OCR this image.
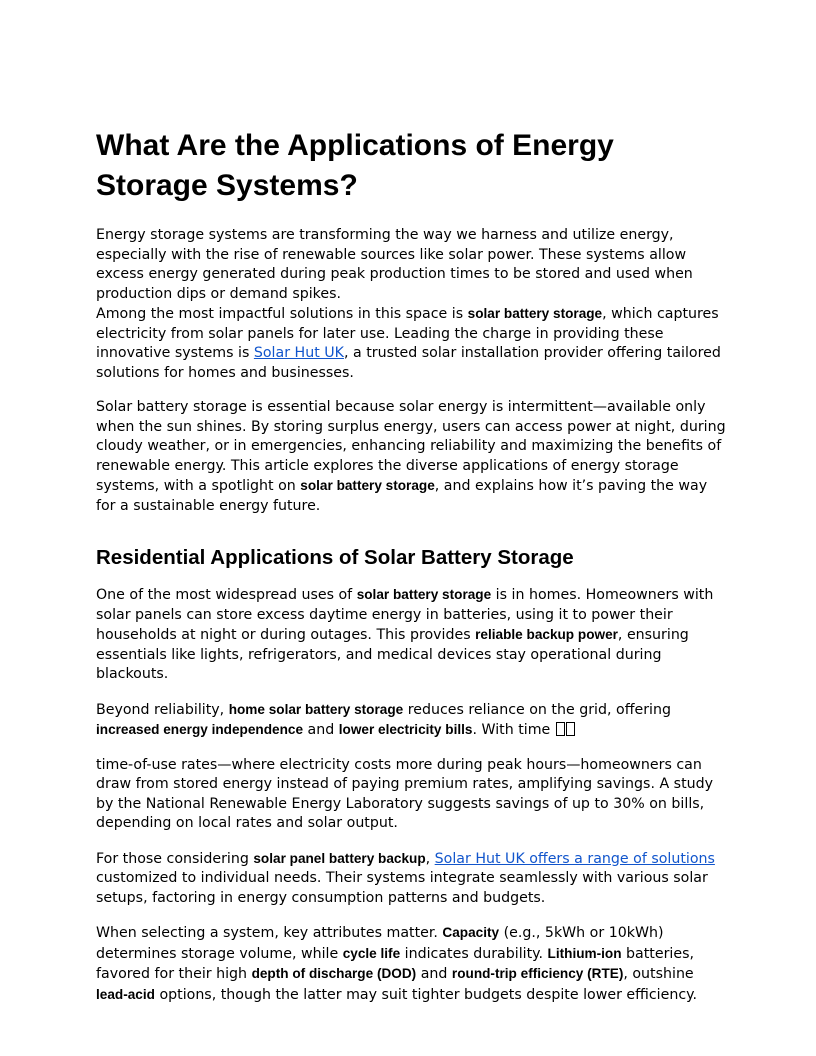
What Are the Applications of Energy Storage Systems?

Energy storage systems are transforming the way we harness and utilize energy, especially with the rise of renewable sources like solar power. These systems allow excess energy generated during peak production times to be stored and used when production dips or demand spikes.

Among the most impactful solutions in this space is solar battery storage, which captures electricity from solar panels for later use. Leading the charge in providing these innovative systems is Solar Hut UK, a trusted solar installation provider offering tailored solutions for homes and businesses.

Solar battery storage is essential because solar energy is intermittent—available only when the sun shines. By storing surplus energy, users can access power at night, during cloudy weather, or in emergencies, enhancing reliability and maximizing the benefits of renewable energy. This article explores the diverse applications of energy storage systems, with a spotlight on solar battery storage, and explains how it’s paving the way for a sustainable energy future.

Residential Applications of Solar Battery Storage

One of the most widespread uses of solar battery storage is in homes. Homeowners with solar panels can store excess daytime energy in batteries, using it to power their households at night or during outages. This provides reliable backup power, ensuring essentials like lights, refrigerators, and medical devices stay operational during blackouts.

Beyond reliability, home solar battery storage reduces reliance on the grid, offering increased energy independence and lower electricity bills. With time

time-of-use rates—where electricity costs more during peak hours—homeowners can draw from stored energy instead of paying premium rates, amplifying savings. A study by the National Renewable Energy Laboratory suggests savings of up to 30% on bills, depending on local rates and solar output.

For those considering solar panel battery backup, Solar Hut UK offers a range of solutions customized to individual needs. Their systems integrate seamlessly with various solar setups, factoring in energy consumption patterns and budgets.

When selecting a system, key attributes matter. Capacity (e.g., 5kWh or 10kWh) determines storage volume, while cycle life indicates durability. Lithium-ion batteries, favored for their high depth of discharge (DOD) and round-trip efficiency (RTE), outshine lead-acid options, though the latter may suit tighter budgets despite lower efficiency.
